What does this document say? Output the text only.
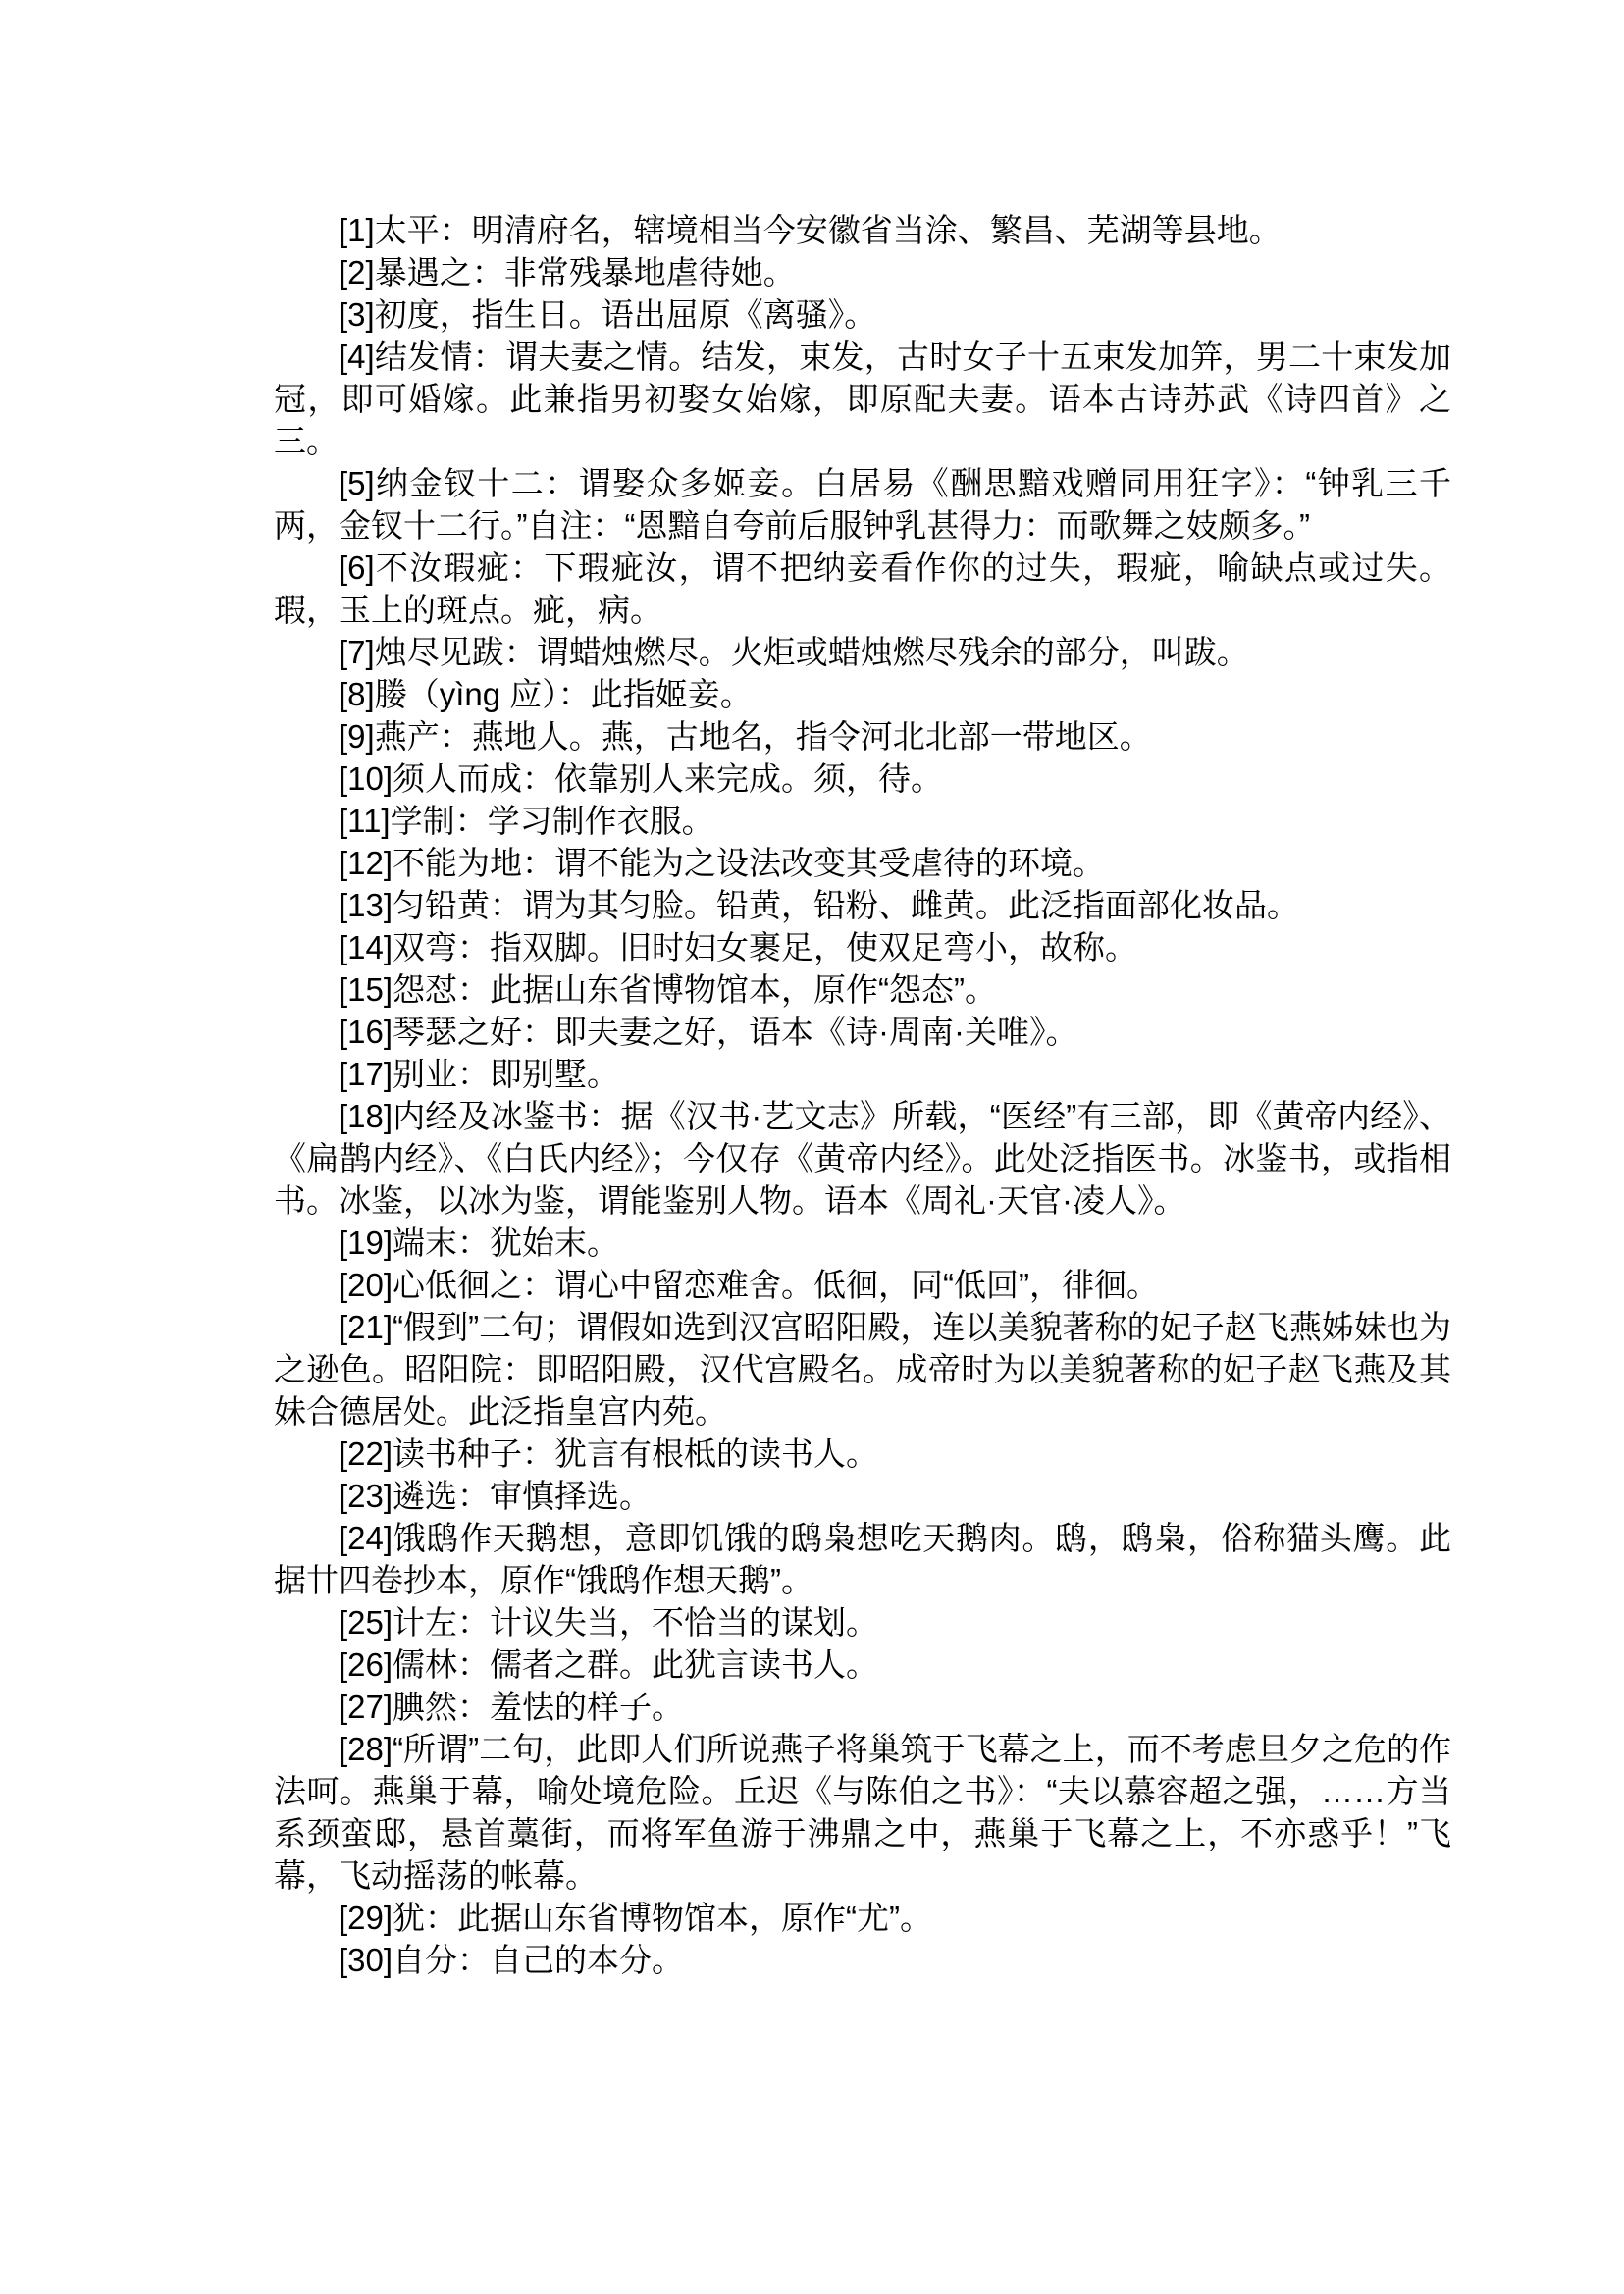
[1]太平：明清府名，辖境相当今安徽省当涂、繁昌、芜湖等县地。

[2]暴遇之：非常残暴地虐待她。

[3]初度，指生日。语出屈原《离骚》。

[4]结发情：谓夫妻之情。结发，束发，古时女子十五束发加笄，男二十束发加冠，即可婚嫁。此兼指男初娶女始嫁，即原配夫妻。语本古诗苏武《诗四首》之三。

[5]纳金钗十二：谓娶众多姬妾。白居易《酬思黯戏赠同用狂字》：“钟乳三千两，金钗十二行。”自注：“恩黯自夸前后服钟乳甚得力：而歌舞之妓颇多。”

[6]不汝瑕疵：下瑕疵汝，谓不把纳妾看作你的过失，瑕疵，喻缺点或过失。瑕，玉上的斑点。疵，病。

[7]烛尽见跋：谓蜡烛燃尽。火炬或蜡烛燃尽残余的部分，叫跋。

[8]媵（yìng 应）：此指姬妾。

[9]燕产：燕地人。燕，古地名，指令河北北部一带地区。

[10]须人而成：依靠别人来完成。须，待。

[11]学制：学习制作衣服。

[12]不能为地：谓不能为之设法改变其受虐待的环境。

[13]匀铅黄：谓为其匀脸。铅黄，铅粉、雌黄。此泛指面部化妆品。

[14]双弯：指双脚。旧时妇女裹足，使双足弯小，故称。

[15]怨怼：此据山东省博物馆本，原作“怨态”。

[16]琴瑟之好：即夫妻之好，语本《诗·周南·关唯》。

[17]别业：即别墅。

[18]内经及冰鉴书：据《汉书·艺文志》所载，“医经”有三部，即《黄帝内经》、《扁鹊内经》、《白氏内经》；今仅存《黄帝内经》。此处泛指医书。冰鉴书，或指相书。冰鉴，以冰为鉴，谓能鉴别人物。语本《周礼·天官·凌人》。

[19]端末：犹始末。

[20]心低徊之：谓心中留恋难舍。低徊，同“低回”，徘徊。

[21]“假到”二句；谓假如选到汉宫昭阳殿，连以美貌著称的妃子赵飞燕姊妹也为之逊色。昭阳院：即昭阳殿，汉代宫殿名。成帝时为以美貌著称的妃子赵飞燕及其妹合德居处。此泛指皇宫内苑。

[22]读书种子：犹言有根柢的读书人。

[23]遴选：审慎择选。

[24]饿鸱作天鹅想，意即饥饿的鸱枭想吃天鹅肉。鸱，鸱枭，俗称猫头鹰。此据廿四卷抄本，原作“饿鸱作想天鹅”。

[25]计左：计议失当，不恰当的谋划。

[26]儒林：儒者之群。此犹言读书人。

[27]腆然：羞怯的样子。

[28]“所谓”二句，此即人们所说燕子将巢筑于飞幕之上，而不考虑旦夕之危的作法呵。燕巢于幕，喻处境危险。丘迟《与陈伯之书》：“夫以慕容超之强，……方当系颈蛮邸，悬首藁街，而将军鱼游于沸鼎之中，燕巢于飞幕之上，不亦惑乎！”飞幕，飞动摇荡的帐幕。

[29]犹：此据山东省博物馆本，原作“尤”。

[30]自分：自己的本分。
